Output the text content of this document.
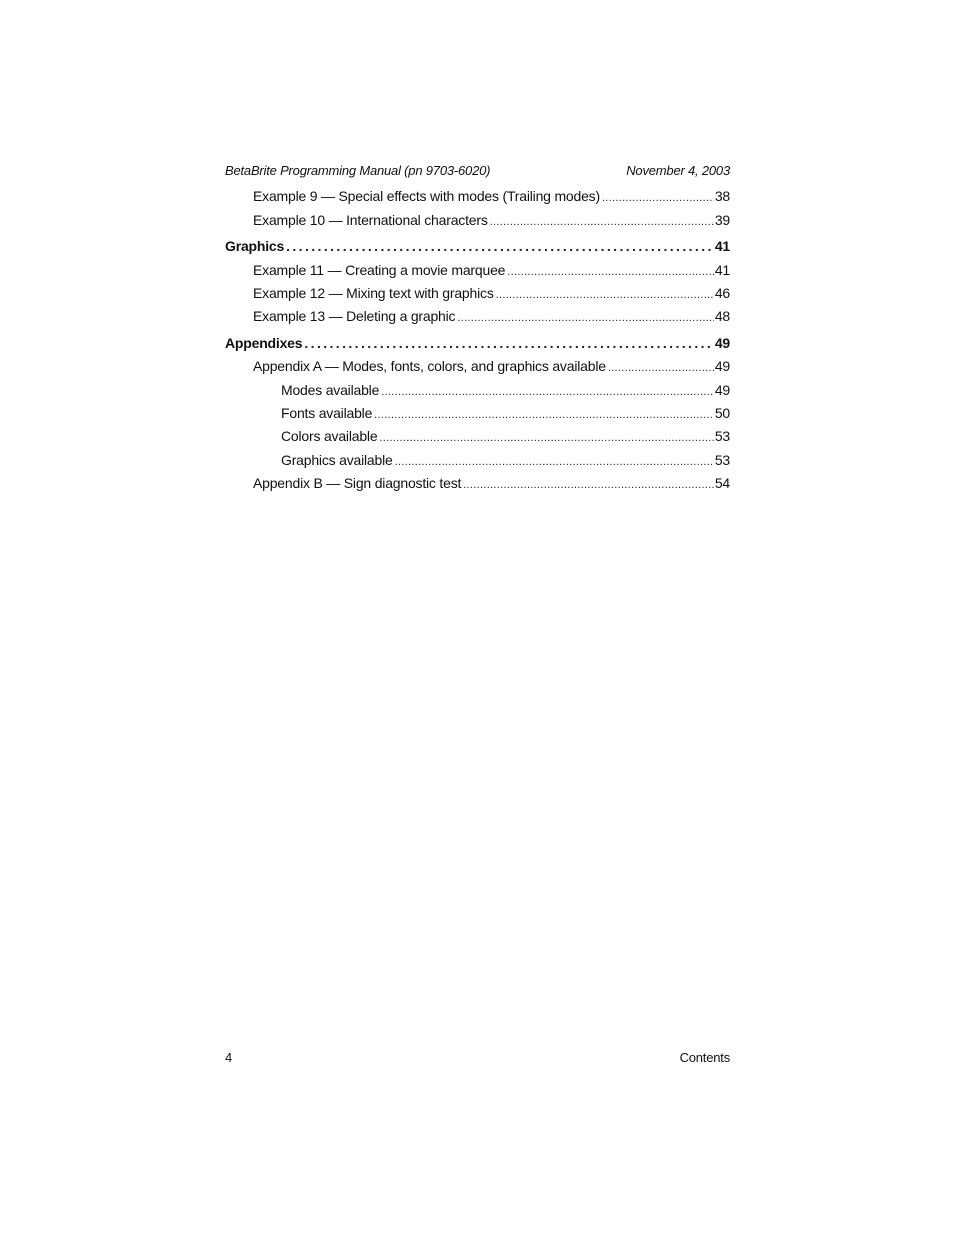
BetaBrite Programming Manual (pn 9703-6020)	November 4, 2003
Example 9 — Special effects with modes (Trailing modes) .....	38
Example 10 — International characters .....	39
Graphics .....	41
Example 11 — Creating a movie marquee .....	41
Example 12 — Mixing text with graphics .....	46
Example 13 — Deleting a graphic .....	48
Appendixes .....	49
Appendix A — Modes, fonts, colors, and graphics available .....	49
Modes available .....	49
Fonts available .....	50
Colors available .....	53
Graphics available .....	53
Appendix B — Sign diagnostic test .....	54
4	Contents
